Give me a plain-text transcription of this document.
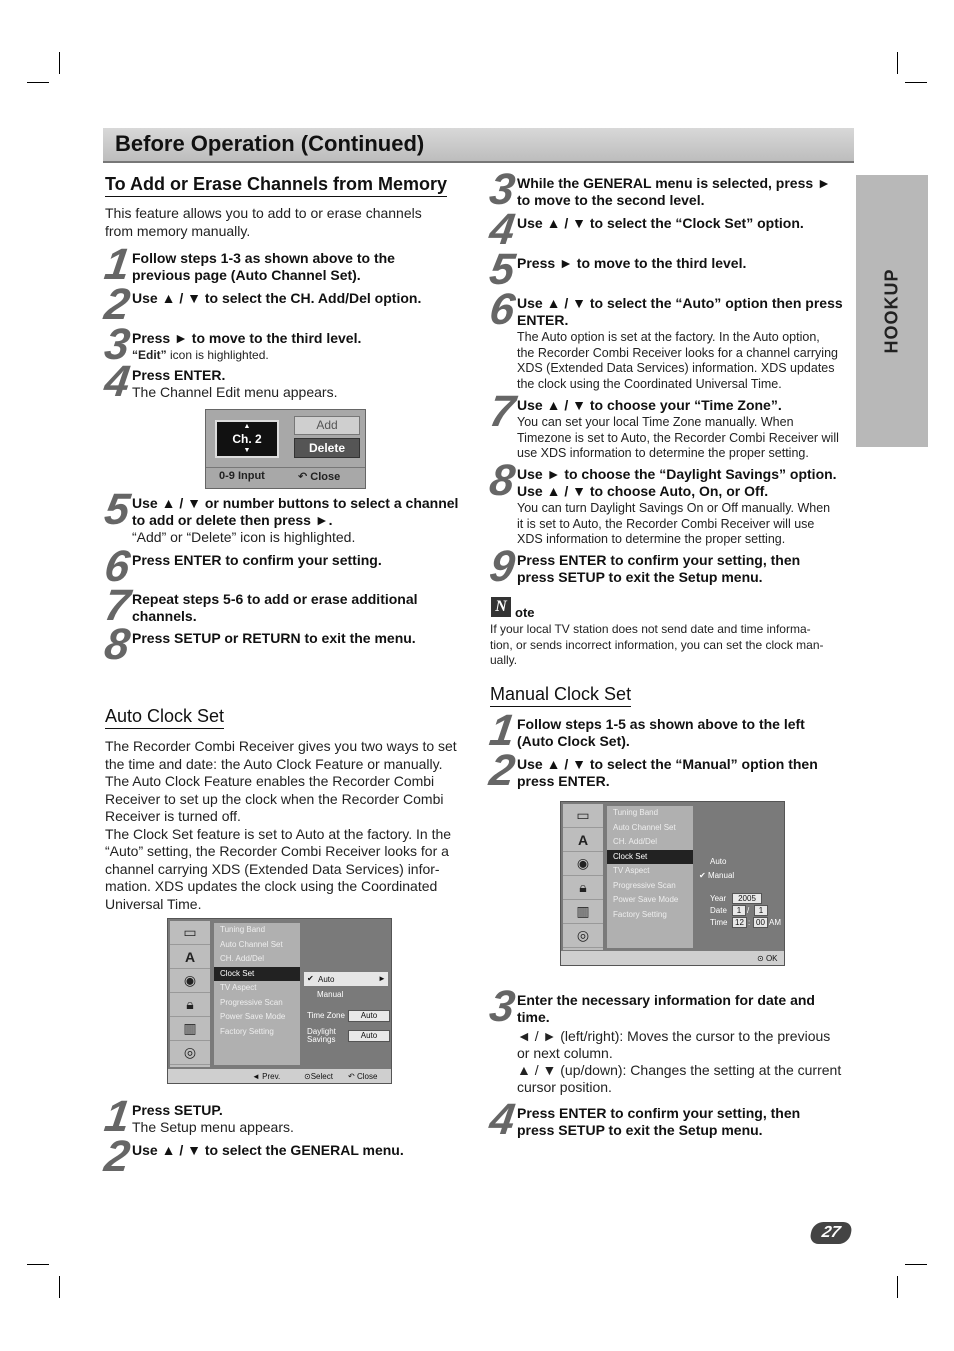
Before Operation (Continued)
HOOKUP
To Add or Erase Channels from Memory
This feature allows you to add to or erase channels
from memory manually.
1 Follow steps 1-3 as shown above to the
previous page (Auto Channel Set).
2 Use ▲ / ▼ to select the CH. Add/Del option.
3 Press ► to move to the third level.
“Edit” icon is highlighted.
4 Press ENTER.
The Channel Edit menu appears.
▲
Ch. 2
▼
Add
Delete
0-9 Input	↶ Close
5 Use ▲ / ▼ or number buttons to select a channel
to add or delete then press ►.
“Add” or “Delete” icon is highlighted.
6 Press ENTER to confirm your setting.
7 Repeat steps 5-6 to add or erase additional
channels.
8 Press SETUP or RETURN to exit the menu.
Auto Clock Set
The Recorder Combi Receiver gives you two ways to set
the time and date: the Auto Clock Feature or manually.
The Auto Clock Feature enables the Recorder Combi
Receiver to set up the clock when the Recorder Combi
Receiver is turned off.
The Clock Set feature is set to Auto at the factory. In the
“Auto” setting, the Recorder Combi Receiver looks for a
channel carrying XDS (Extended Data Services) infor-
mation. XDS updates the clock using the Coordinated
Universal Time.
▭
A
◉
🔒︎
▥
◎
Tuning Band
Auto Channel Set
CH. Add/Del
Clock Set
TV Aspect
Progressive Scan
Power Save Mode
Factory Setting
✔ Auto	►
Manual
Time Zone	Auto
Daylight
Savings	Auto
◄ Prev.	⊙Select ↶ Close
1 Press SETUP.
The Setup menu appears.
2 Use ▲ / ▼ to select the GENERAL menu.
3 While the GENERAL menu is selected, press ►
to move to the second level.
4 Use ▲ / ▼ to select the “Clock Set” option.
5 Press ► to move to the third level.
6 Use ▲ / ▼ to select the “Auto” option then press
ENTER.
The Auto option is set at the factory. In the Auto option,
the Recorder Combi Receiver looks for a channel carrying
XDS (Extended Data Services) information. XDS updates
the clock using the Coordinated Universal Time.
7 Use ▲ / ▼ to choose your “Time Zone”.
You can set your local Time Zone manually. When
Timezone is set to Auto, the Recorder Combi Receiver will
use XDS information to determine the proper setting.
8 Use ► to choose the “Daylight Savings” option.
Use ▲ / ▼ to choose Auto, On, or Off.
You can turn Daylight Savings On or Off manually. When
it is set to Auto, the Recorder Combi Receiver will use
XDS information to determine the proper setting.
9 Press ENTER to confirm your setting, then
press SETUP to exit the Setup menu.
N ote
If your local TV station does not send date and time informa-
tion, or sends incorrect information, you can set the clock man-
ually.
Manual Clock Set
1 Follow steps 1-5 as shown above to the left
(Auto Clock Set).
2 Use ▲ / ▼ to select the “Manual” option then
press ENTER.
▭
A
◉
🔒︎
▥
◎
Tuning Band
Auto Channel Set
CH. Add/Del
Clock Set
TV Aspect
Progressive Scan
Power Save Mode
Factory Setting
Auto
✔ Manual
Year	2005
Date	1 /	1
Time 12 : 00 AM
⊙ OK
3 Enter the necessary information for date and
time.
◄ / ► (left/right): Moves the cursor to the previous
or next column.
▲ / ▼ (up/down): Changes the setting at the current
cursor position.
4 Press ENTER to confirm your setting, then
press SETUP to exit the Setup menu.
27
